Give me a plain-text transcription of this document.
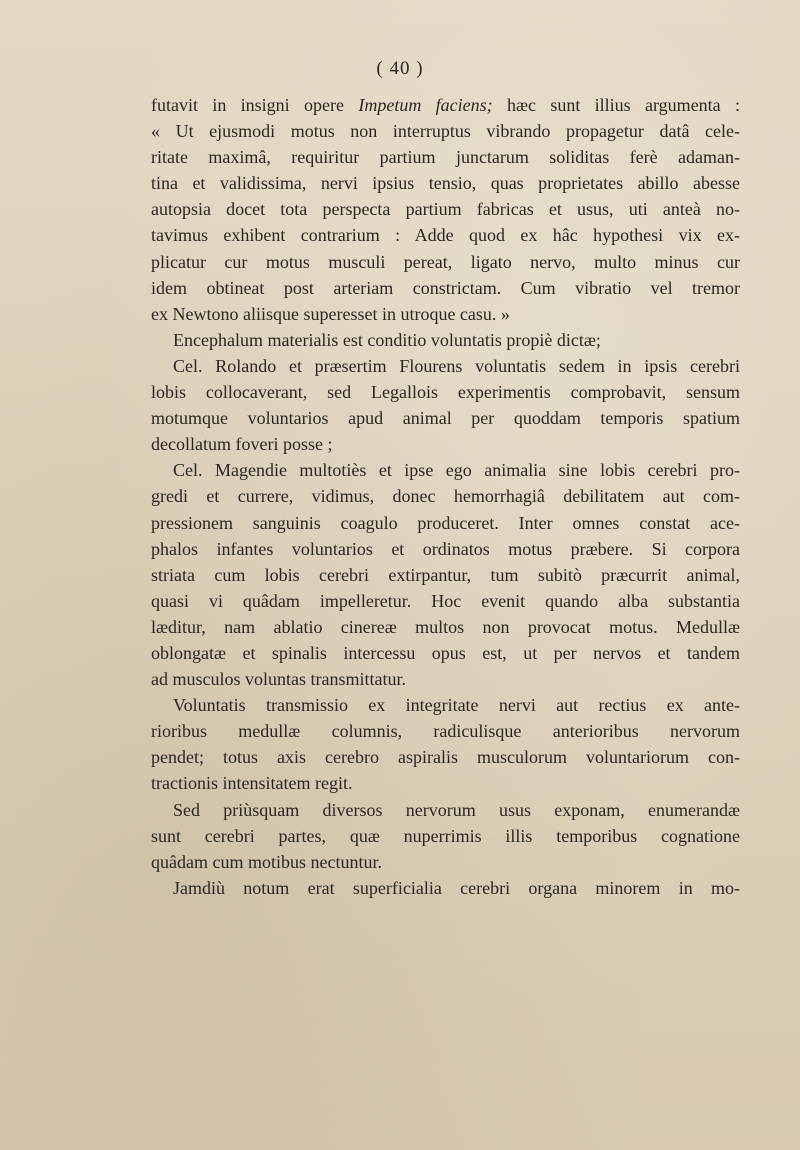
( 40 )
futavit in insigni opere Impetum faciens; hæc sunt illius argumenta :
« Ut ejusmodi motus non interruptus vibrando propagetur datâ cele-
ritate maximâ, requiritur partium junctarum soliditas ferè adaman-
tina et validissima, nervi ipsius tensio, quas proprietates abillo abesse
autopsia docet tota perspecta partium fabricas et usus, uti anteà no-
tavimus exhibent contrarium : Adde quod ex hâc hypothesi vix ex-
plicatur cur motus musculi pereat, ligato nervo, multo minus cur
idem obtineat post arteriam constrictam. Cum vibratio vel tremor
ex Newtono aliisque superesset in utroque casu. »
Encephalum materialis est conditio voluntatis propiè dictæ;
Cel. Rolando et præsertim Flourens voluntatis sedem in ipsis cerebri
lobis collocaverant, sed Legallois experimentis comprobavit, sensum
motumque voluntarios apud animal per quoddam temporis spatium
decollatum foveri posse ;
Cel. Magendie multotiès et ipse ego animalia sine lobis cerebri pro-
gredi et currere, vidimus, donec hemorrhagiâ debilitatem aut com-
pressionem sanguinis coagulo produceret. Inter omnes constat ace-
phalos infantes voluntarios et ordinatos motus præbere. Si corpora
striata cum lobis cerebri extirpantur, tum subitò præcurrit animal,
quasi vi quâdam impelleretur. Hoc evenit quando alba substantia
læditur, nam ablatio cinereæ multos non provocat motus. Medullæ
oblongatæ et spinalis intercessu opus est, ut per nervos et tandem
ad musculos voluntas transmittatur.
Voluntatis transmissio ex integritate nervi aut rectius ex ante-
rioribus medullæ columnis, radiculisque anterioribus nervorum
pendet; totus axis cerebro aspiralis musculorum voluntariorum con-
tractionis intensitatem regit.
Sed priùsquam diversos nervorum usus exponam, enumerandæ
sunt cerebri partes, quæ nuperrimis illis temporibus cognatione
quâdam cum motibus nectuntur.
Jamdiù notum erat superficialia cerebri organa minorem in mo-
